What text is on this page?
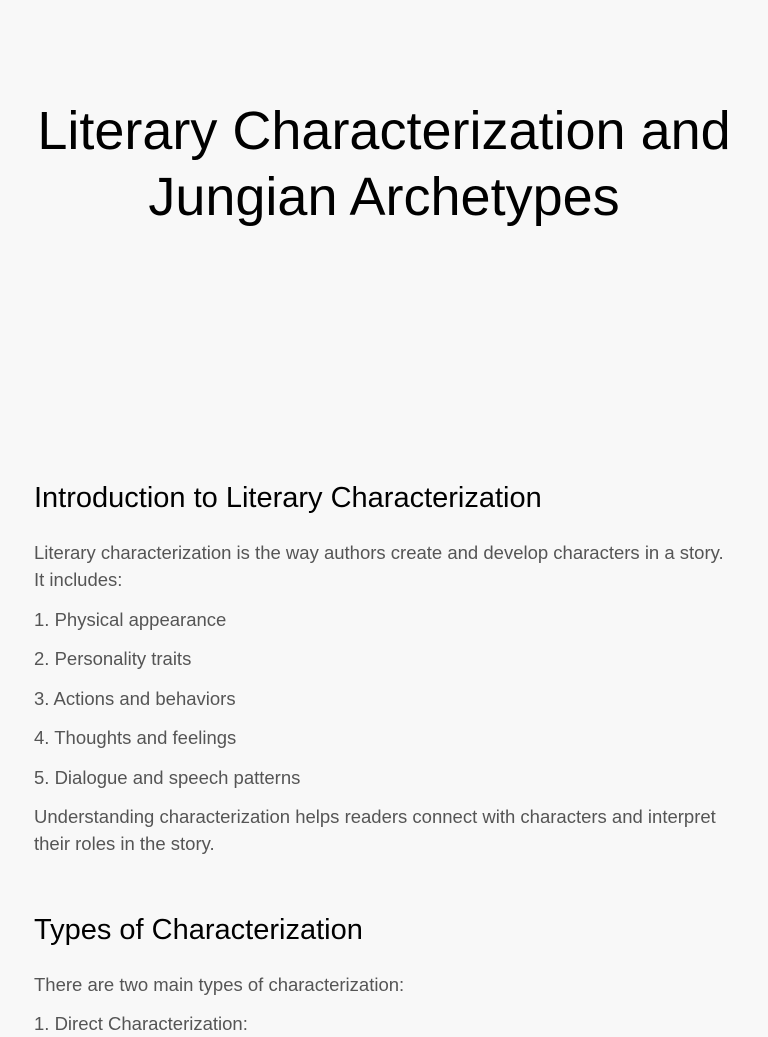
Literary Characterization and Jungian Archetypes
Introduction to Literary Characterization

Literary characterization is the way authors create and develop characters in a story. It includes:

1. Physical appearance
2. Personality traits
3. Actions and behaviors
4. Thoughts and feelings
5. Dialogue and speech patterns

Understanding characterization helps readers connect with characters and interpret their roles in the story.

Types of Characterization

There are two main types of characterization:

1. Direct Characterization:
